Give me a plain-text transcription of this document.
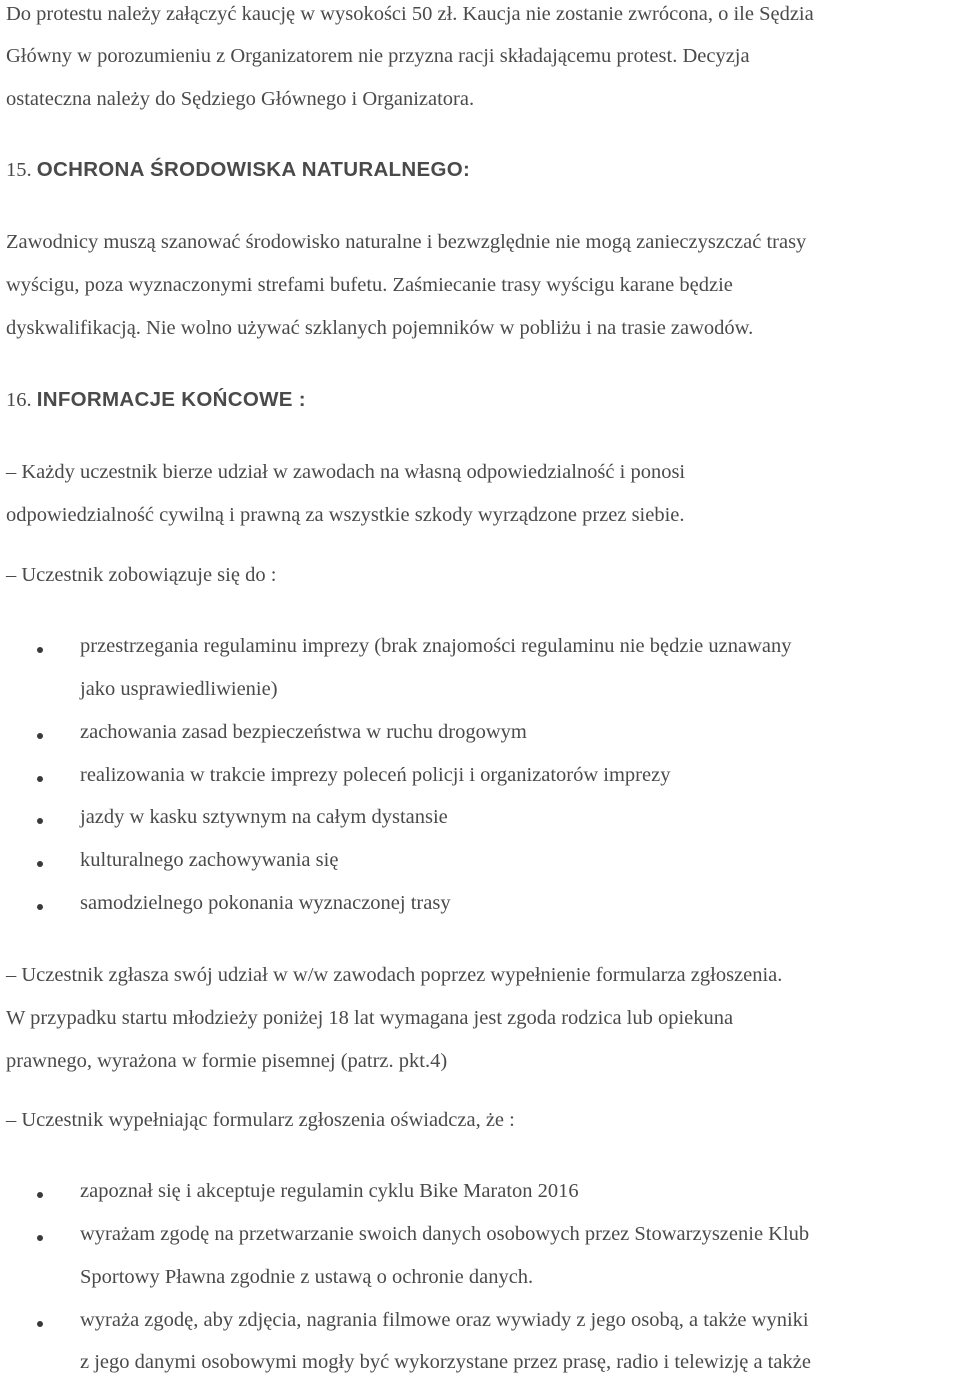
Do protestu należy załączyć kaucję w wysokości 50 zł. Kaucja nie zostanie zwrócona, o ile Sędzia
Główny w porozumieniu z Organizatorem nie przyzna racji składającemu protest. Decyzja
ostateczna należy do Sędziego Głównego i Organizatora.
15. OCHRONA ŚRODOWISKA NATURALNEGO:
Zawodnicy muszą szanować środowisko naturalne i bezwzględnie nie mogą zanieczyszczać trasy
wyścigu, poza wyznaczonymi strefami bufetu. Zaśmiecanie trasy wyścigu karane będzie
dyskwalifikacją. Nie wolno używać szklanych pojemników w pobliżu i na trasie zawodów.
16. INFORMACJE KOŃCOWE :
– Każdy uczestnik bierze udział w zawodach na własną odpowiedzialność i ponosi
odpowiedzialność cywilną i prawną za wszystkie szkody wyrządzone przez siebie.
– Uczestnik zobowiązuje się do :
przestrzegania regulaminu imprezy (brak znajomości regulaminu nie będzie uznawany
jako usprawiedliwienie)
zachowania zasad bezpieczeństwa w ruchu drogowym
realizowania w trakcie imprezy poleceń policji i organizatorów imprezy
jazdy w kasku sztywnym na całym dystansie
kulturalnego zachowywania się
samodzielnego pokonania wyznaczonej trasy
– Uczestnik zgłasza swój udział w w/w zawodach poprzez wypełnienie formularza zgłoszenia.
W przypadku startu młodzieży poniżej 18 lat wymagana jest zgoda rodzica lub opiekuna
prawnego, wyrażona w formie pisemnej (patrz. pkt.4)
– Uczestnik wypełniając formularz zgłoszenia oświadcza, że :
zapoznał się i akceptuje regulamin cyklu Bike Maraton 2016
wyrażam zgodę na przetwarzanie swoich danych osobowych przez Stowarzyszenie Klub
Sportowy Pławna zgodnie z ustawą o ochronie danych.
wyraża zgodę, aby zdjęcia, nagrania filmowe oraz wywiady z jego osobą, a także wyniki
z jego danymi osobowymi mogły być wykorzystane przez prasę, radio i telewizję a także
